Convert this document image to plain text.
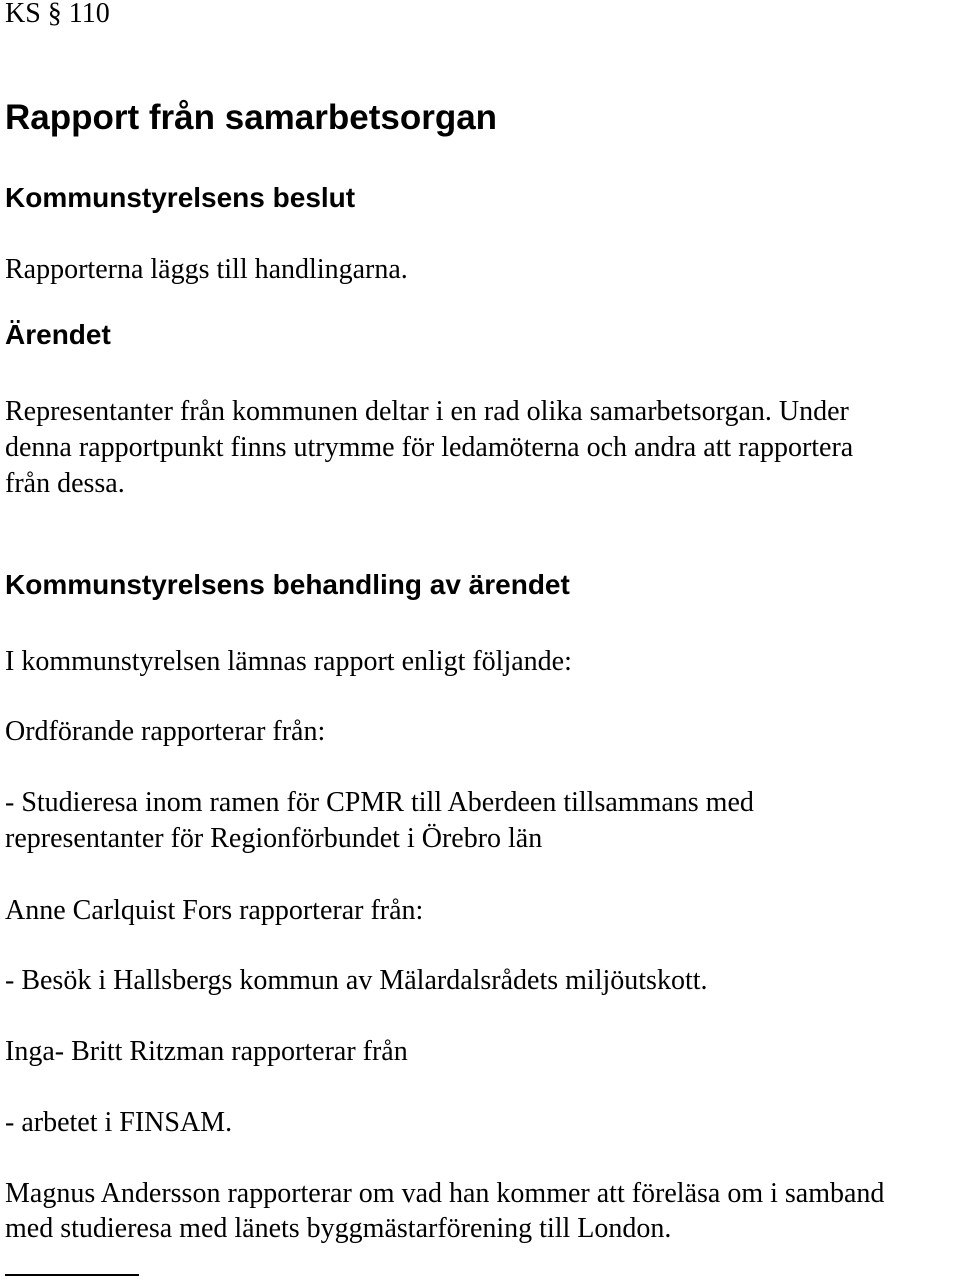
KS § 110

Rapport från samarbetsorgan
Kommunstyrelsens beslut

Rapporterna läggs till handlingarna.

Ärendet

Representanter från kommunen deltar i en rad olika samarbetsorgan. Under

denna rapportpunkt finns utrymme för ledamöterna och andra att rapportera

från dessa.

Kommunstyrelsens behandling av ärendet

I kommunstyrelsen lämnas rapport enligt följande:

Ordförande rapporterar från:

- Studieresa inom ramen för CPMR till Aberdeen tillsammans med

representanter för Regionförbundet i Örebro län

Anne Carlquist Fors rapporterar från:

- Besök i Hallsbergs kommun av Mälardalsrådets miljöutskott.

Inga- Britt Ritzman rapporterar från

- arbetet i FINSAM.

Magnus Andersson rapporterar om vad han kommer att föreläsa om i samband

med studieresa med länets byggmästarförening till London.
